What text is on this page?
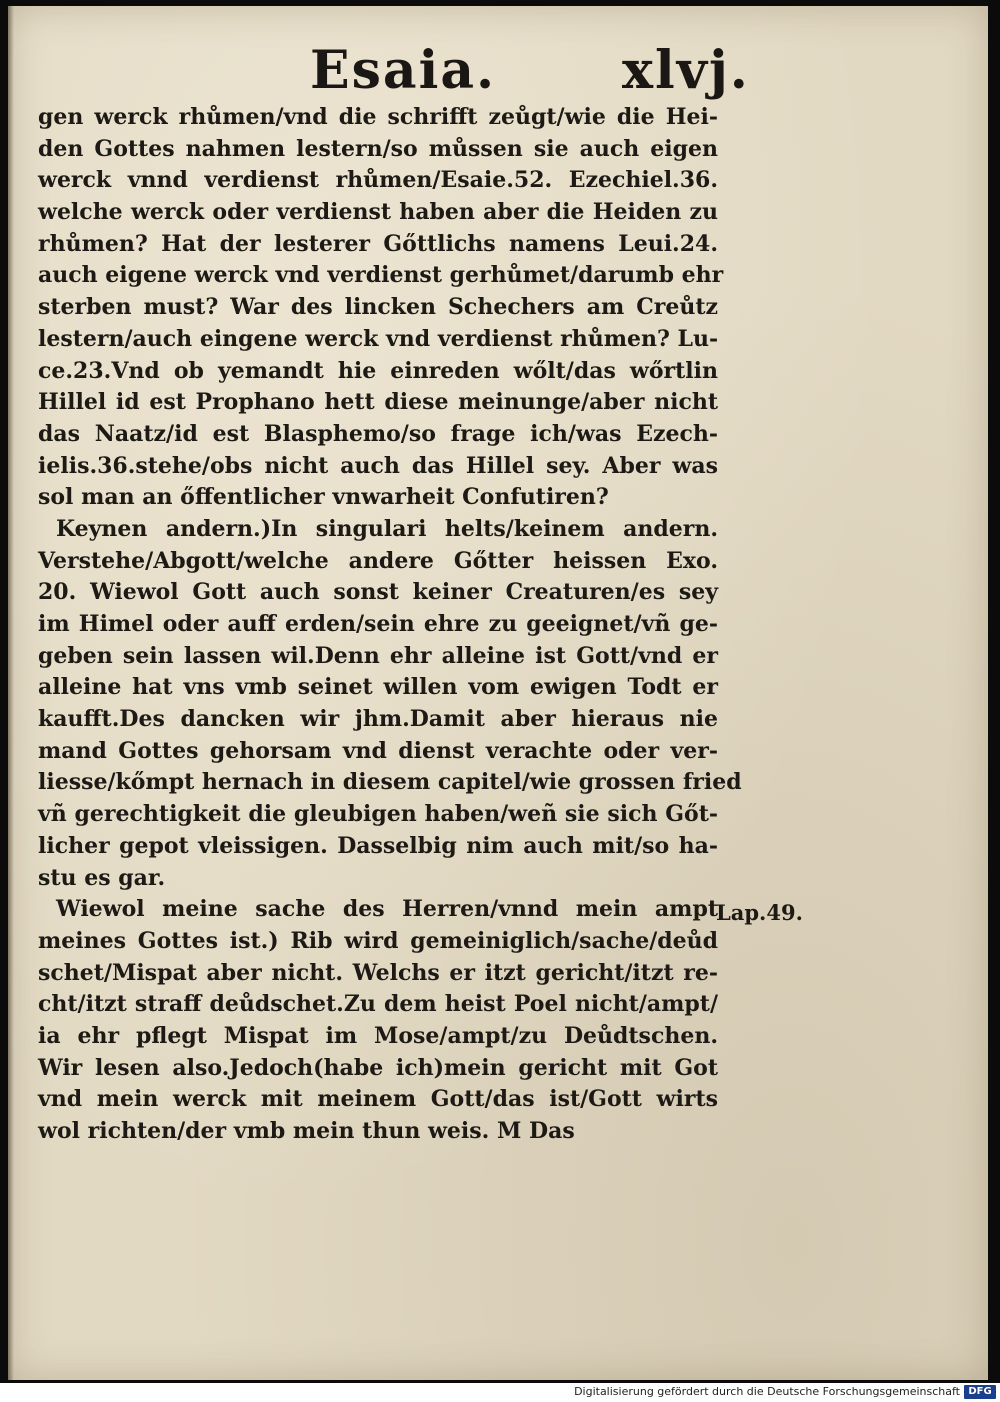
Esaia. xlvj.
gen werck rhůmen/vnd die schrifft zeůgt/wie die Hei-
den Gottes nahmen lestern/so můssen sie auch eigen
werck vnnd verdienst rhůmen/Esaie.52. Ezechiel.36.
welche werck oder verdienst haben aber die Heiden zu
rhůmen? Hat der lesterer Gőttlichs namens Leui.24.
auch eigene werck vnd verdienst gerhůmet/darumb ehr
sterben must? War des lincken Schechers am Creůtz
lestern/auch eingene werck vnd verdienst rhůmen? Lu-
ce.23.Vnd ob yemandt hie einreden wőlt/das wőrtlin
Hillel id est Prophano hett diese meinunge/aber nicht
das Naatz/id est Blasphemo/so frage ich/was Ezech-
ielis.36.stehe/obs nicht auch das Hillel sey. Aber was
sol man an őffentlicher vnwarheit Confutiren?
Keynen andern.)In singulari helts/keinem andern.
Verstehe/Abgott/welche andere Gőtter heissen Exo.
20. Wiewol Gott auch sonst keiner Creaturen/es sey
im Himel oder auff erden/sein ehre zu geeignet/vñ ge-
geben sein lassen wil.Denn ehr alleine ist Gott/vnd er
alleine hat vns vmb seinet willen vom ewigen Todt er
kaufft.Des dancken wir jhm.Damit aber hieraus nie
mand Gottes gehorsam vnd dienst verachte oder ver-
liesse/kőmpt hernach in diesem capitel/wie grossen fried
vñ gerechtigkeit die gleubigen haben/weñ sie sich Gőt-
licher gepot vleissigen. Dasselbig nim auch mit/so ha-
stu es gar.
Wiewol meine sache des Herren/vnnd mein ampt
meines Gottes ist.) Rib wird gemeiniglich/sache/deůd
schet/Mispat aber nicht. Welchs er itzt gericht/itzt re-
cht/itzt straff deůdschet.Zu dem heist Poel nicht/ampt/
ia ehr pflegt Mispat im Mose/ampt/zu Deůdtschen.
Wir lesen also.Jedoch(habe ich)mein gericht mit Got
vnd mein werck mit meinem Gott/das ist/Gott wirts
wol richten/der vmb mein thun weis. M Das
Lap.49.
Digitalisierung gefördert durch die Deutsche Forschungsgemeinschaft DFG
